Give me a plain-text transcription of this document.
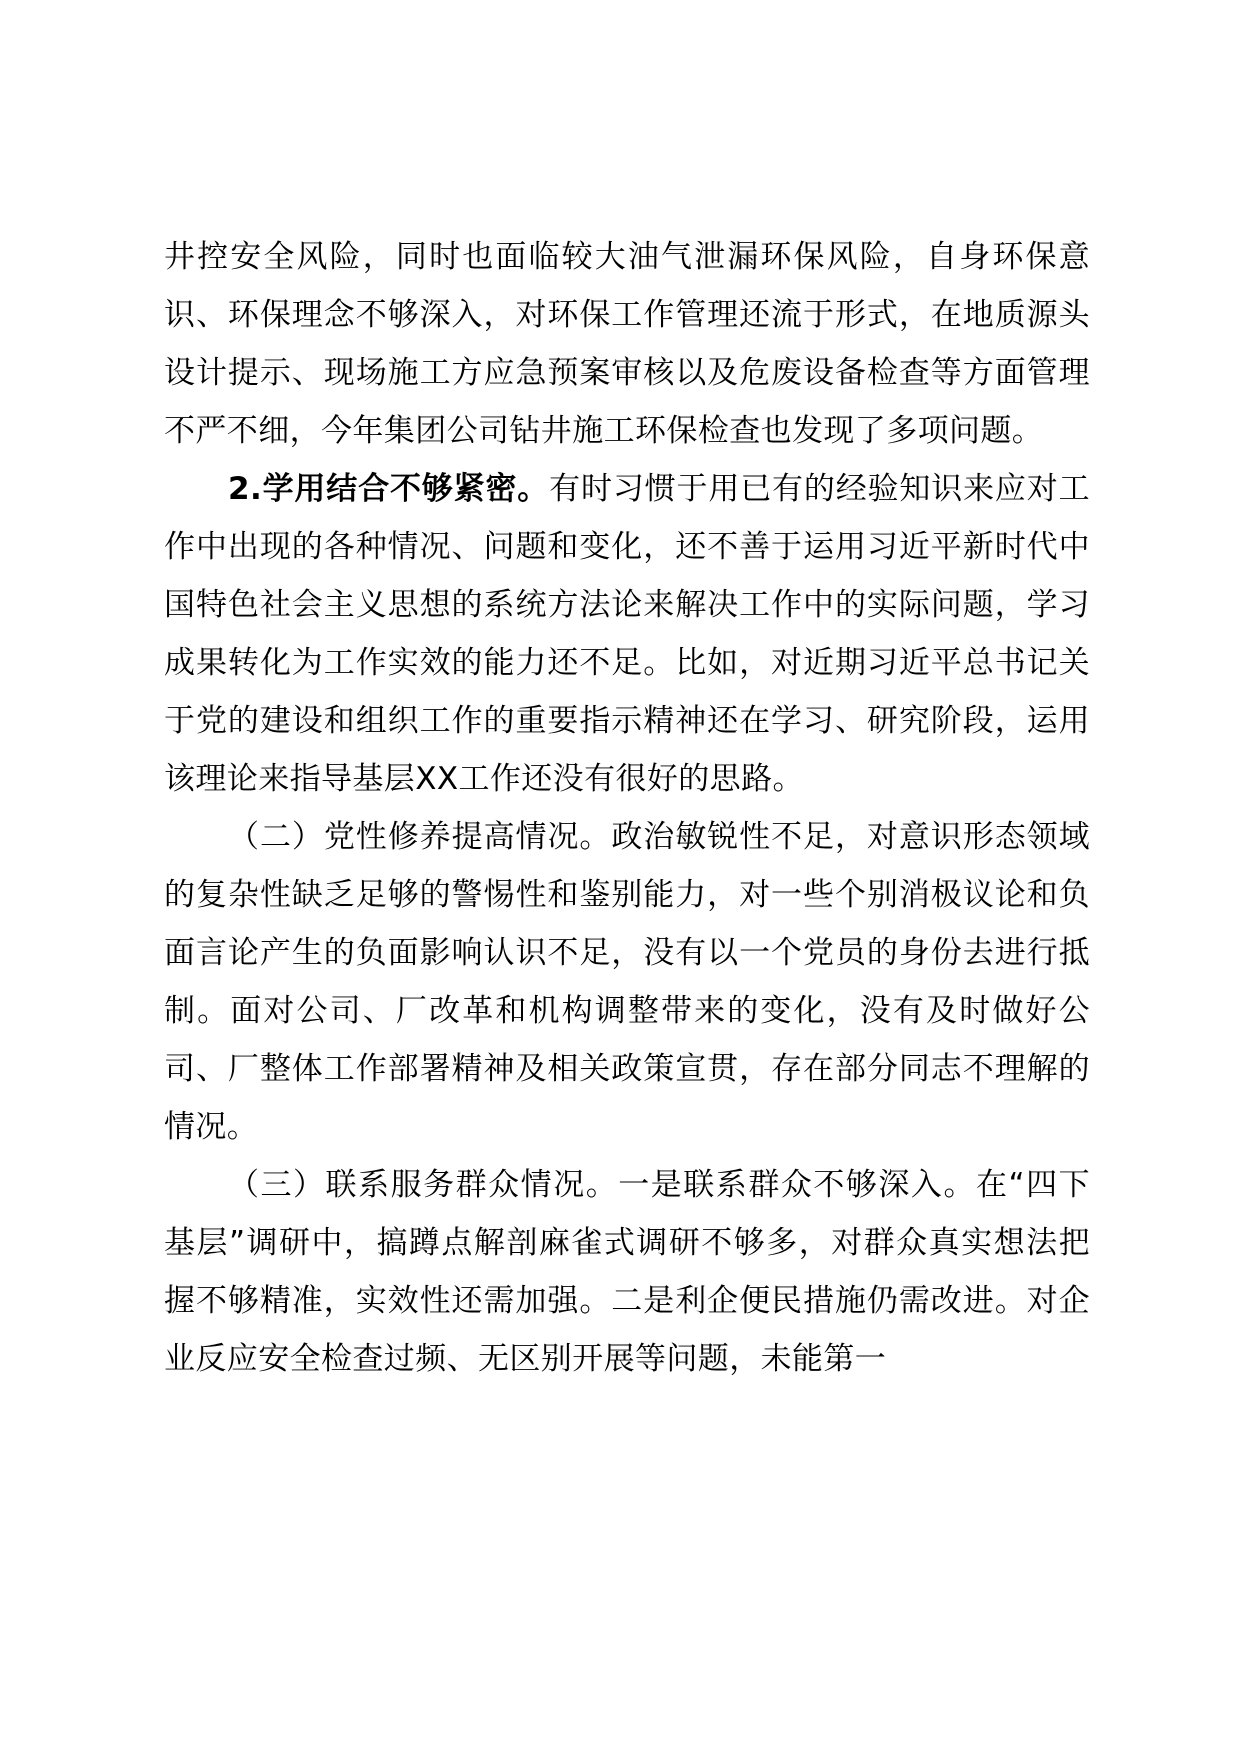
井控安全风险，同时也面临较大油气泄漏环保风险，自身环保意识、环保理念不够深入，对环保工作管理还流于形式，在地质源头设计提示、现场施工方应急预案审核以及危废设备检查等方面管理不严不细，今年集团公司钻井施工环保检查也发现了多项问题。

2.学用结合不够紧密。有时习惯于用已有的经验知识来应对工作中出现的各种情况、问题和变化，还不善于运用习近平新时代中国特色社会主义思想的系统方法论来解决工作中的实际问题，学习成果转化为工作实效的能力还不足。比如，对近期习近平总书记关于党的建设和组织工作的重要指示精神还在学习、研究阶段，运用该理论来指导基层XX工作还没有很好的思路。

（二）党性修养提高情况。政治敏锐性不足，对意识形态领域的复杂性缺乏足够的警惕性和鉴别能力，对一些个别消极议论和负面言论产生的负面影响认识不足，没有以一个党员的身份去进行抵制。面对公司、厂改革和机构调整带来的变化，没有及时做好公司、厂整体工作部署精神及相关政策宣贯，存在部分同志不理解的情况。

（三）联系服务群众情况。一是联系群众不够深入。在“四下基层”调研中，搞蹲点解剖麻雀式调研不够多，对群众真实想法把握不够精准，实效性还需加强。二是利企便民措施仍需改进。对企业反应安全检查过频、无区别开展等问题，未能第一
